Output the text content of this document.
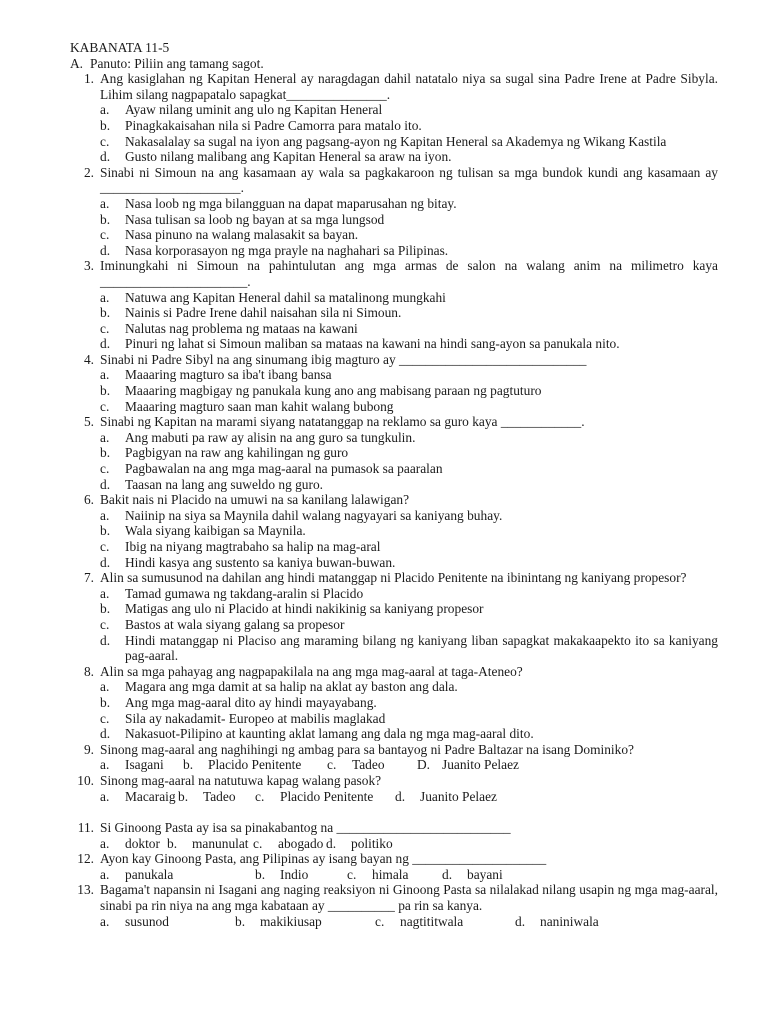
KABANATA 11-5
A. Panuto: Piliin ang tamang sagot.
1. Ang kasiglahan ng Kapitan Heneral ay naragdagan dahil natatalo niya sa sugal sina Padre Irene at Padre Sibyla. Lihim silang nagpapatalo sapagkat_______________.
a.	Ayaw nilang uminit ang ulo ng Kapitan Heneral
b.	Pinagkakaisahan nila si Padre Camorra para matalo ito.
c.	Nakasalalay sa sugal na iyon ang pagsang-ayon ng Kapitan Heneral sa Akademya ng Wikang Kastila
d.	Gusto nilang malibang ang Kapitan Heneral sa araw na iyon.
2. Sinabi ni Simoun na ang kasamaan ay wala sa pagkakaroon ng tulisan sa mga bundok kundi ang kasamaan ay _____________________.
a.	Nasa loob ng mga bilangguan na dapat maparusahan ng bitay.
b.	Nasa tulisan sa loob ng bayan at sa mga lungsod
c.	Nasa pinuno na walang malasakit sa bayan.
d.	Nasa korporasayon ng mga prayle na naghahari sa Pilipinas.
3. Iminungkahi ni Simoun na pahintulutan ang mga armas de salon na walang anim na milimetro kaya ______________________.
a.	Natuwa ang Kapitan Heneral dahil sa matalinong mungkahi
b.	Nainis si Padre Irene dahil naisahan sila ni Simoun.
c.	Nalutas nag problema ng mataas na kawani
d.	Pinuri ng lahat si Simoun maliban sa mataas na kawani na hindi sang-ayon sa panukala nito.
4. Sinabi ni Padre Sibyl na ang sinumang ibig magturo ay ____________________________
a.	Maaaring magturo sa iba't ibang bansa
b.	Maaaring magbigay ng panukala kung ano ang mabisang paraan ng pagtuturo
c.	Maaaring magturo saan man kahit walang bubong
5. Sinabi ng Kapitan na marami siyang natatanggap na reklamo sa guro kaya ____________.
a.	Ang mabuti pa raw ay alisin na ang guro sa tungkulin.
b.	Pagbigyan na raw ang kahilingan ng guro
c.	Pagbawalan na ang mga mag-aaral na pumasok sa paaralan
d.	Taasan na lang ang suweldo ng guro.
6. Bakit nais ni Placido na umuwi na sa kanilang lalawigan?
a.	Naiinip na siya sa Maynila dahil walang nagyayari sa kaniyang buhay.
b.	Wala siyang kaibigan sa Maynila.
c.	Ibig na niyang magtrabaho sa halip na mag-aral
d.	Hindi kasya ang sustento sa kaniya buwan-buwan.
7. Alin sa sumusunod na dahilan ang hindi matanggap ni Placido Penitente na ibinintang ng kaniyang propesor?
a.	Tamad gumawa ng takdang-aralin si Placido
b.	Matigas ang ulo ni Placido at hindi nakikinig sa kaniyang propesor
c.	Bastos at wala siyang galang sa propesor
d.	Hindi matanggap ni Placiso ang maraming bilang ng kaniyang liban sapagkat makakaapekto ito sa kaniyang pag-aaral.
8. Alin sa mga pahayag ang nagpapakilala na ang mga mag-aaral at taga-Ateneo?
a.	Magara ang mga damit at sa halip na aklat ay baston ang dala.
b.	Ang mga mag-aaral dito ay hindi mayayabang.
c.	Sila ay nakadamit- Europeo at mabilis maglakad
d.	Nakasuot-Pilipino at kaunting aklat lamang ang dala ng mga mag-aaral dito.
9. Sinong mag-aaral ang naghihingi ng ambag para sa bantayog ni Padre Baltazar na isang Dominiko?
a.	Isagani b.	Placido Penitente c.	Tadeo D. Juanito Pelaez
10. Sinong mag-aaral na natutuwa kapag walang pasok?
a.	Macaraig b.	Tadeo c.	Placido Penitente d.	Juanito Pelaez
11. Si Ginoong Pasta ay isa sa pinakabantog na __________________________
a.	doktor b.	manunulat c.	abogado d.	politiko
12. Ayon kay Ginoong Pasta, ang Pilipinas ay isang bayan ng ____________________
a.	panukala	b.	Indio	c.	himala	d.	bayani
13. Bagama't napansin ni Isagani ang naging reaksiyon ni Ginoong Pasta sa nilalakad nilang usapin ng mga mag-aaral, sinabi pa rin niya na ang mga kabataan ay __________ pa rin sa kanya.
a.	susunod	b.	makikiusap	c.	nagtititwala	d.	naniniwala
